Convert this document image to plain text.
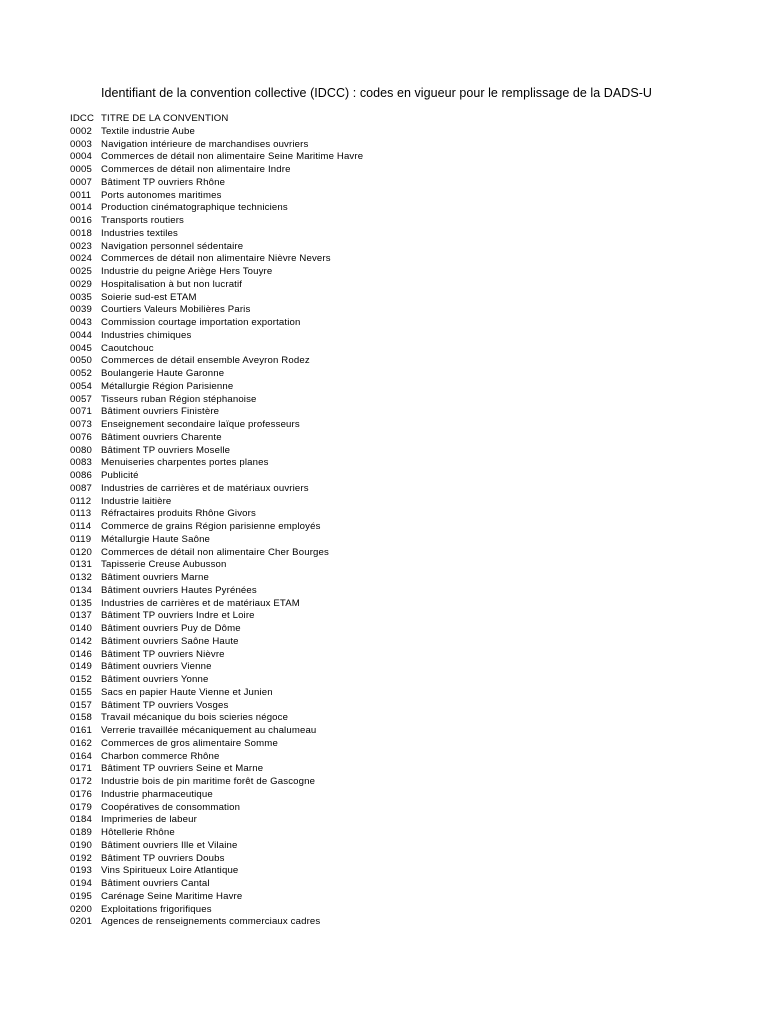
Identifiant de la convention collective (IDCC) : codes en vigueur pour le remplissage de la DADS-U
IDCC TITRE DE LA CONVENTION
0002 Textile industrie Aube
0003 Navigation intérieure de marchandises ouvriers
0004 Commerces de détail non alimentaire Seine Maritime Havre
0005 Commerces de détail non alimentaire Indre
0007 Bâtiment TP ouvriers Rhône
0011 Ports autonomes maritimes
0014 Production cinématographique techniciens
0016 Transports routiers
0018 Industries textiles
0023 Navigation personnel sédentaire
0024 Commerces de détail non alimentaire Nièvre Nevers
0025 Industrie du peigne Ariège Hers Touyre
0029 Hospitalisation à but non lucratif
0035 Soierie sud-est ETAM
0039 Courtiers Valeurs Mobilières Paris
0043 Commission courtage importation exportation
0044 Industries chimiques
0045 Caoutchouc
0050 Commerces de détail ensemble Aveyron Rodez
0052 Boulangerie Haute Garonne
0054 Métallurgie Région Parisienne
0057 Tisseurs ruban Région stéphanoise
0071 Bâtiment ouvriers Finistère
0073 Enseignement secondaire laïque professeurs
0076 Bâtiment ouvriers Charente
0080 Bâtiment TP ouvriers Moselle
0083 Menuiseries charpentes portes planes
0086 Publicité
0087 Industries de carrières et de matériaux ouvriers
0112 Industrie laitière
0113 Réfractaires produits Rhône Givors
0114 Commerce de grains Région parisienne employés
0119 Métallurgie Haute Saône
0120 Commerces de détail non alimentaire Cher Bourges
0131 Tapisserie Creuse Aubusson
0132 Bâtiment ouvriers Marne
0134 Bâtiment ouvriers Hautes Pyrénées
0135 Industries de carrières et de matériaux ETAM
0137 Bâtiment TP ouvriers Indre et Loire
0140 Bâtiment ouvriers Puy de Dôme
0142 Bâtiment ouvriers Saône Haute
0146 Bâtiment TP ouvriers Nièvre
0149 Bâtiment ouvriers Vienne
0152 Bâtiment ouvriers Yonne
0155 Sacs en papier Haute Vienne et Junien
0157 Bâtiment TP ouvriers Vosges
0158 Travail mécanique du bois scieries négoce
0161 Verrerie travaillée mécaniquement au chalumeau
0162 Commerces de gros alimentaire Somme
0164 Charbon commerce Rhône
0171 Bâtiment TP ouvriers Seine et Marne
0172 Industrie bois de pin maritime forêt de Gascogne
0176 Industrie pharmaceutique
0179 Coopératives de consommation
0184 Imprimeries de labeur
0189 Hôtellerie Rhône
0190 Bâtiment ouvriers Ille et Vilaine
0192 Bâtiment TP ouvriers Doubs
0193 Vins Spiritueux Loire Atlantique
0194 Bâtiment ouvriers Cantal
0195 Carénage Seine Maritime Havre
0200 Exploitations frigorifiques
0201 Agences de renseignements commerciaux cadres
